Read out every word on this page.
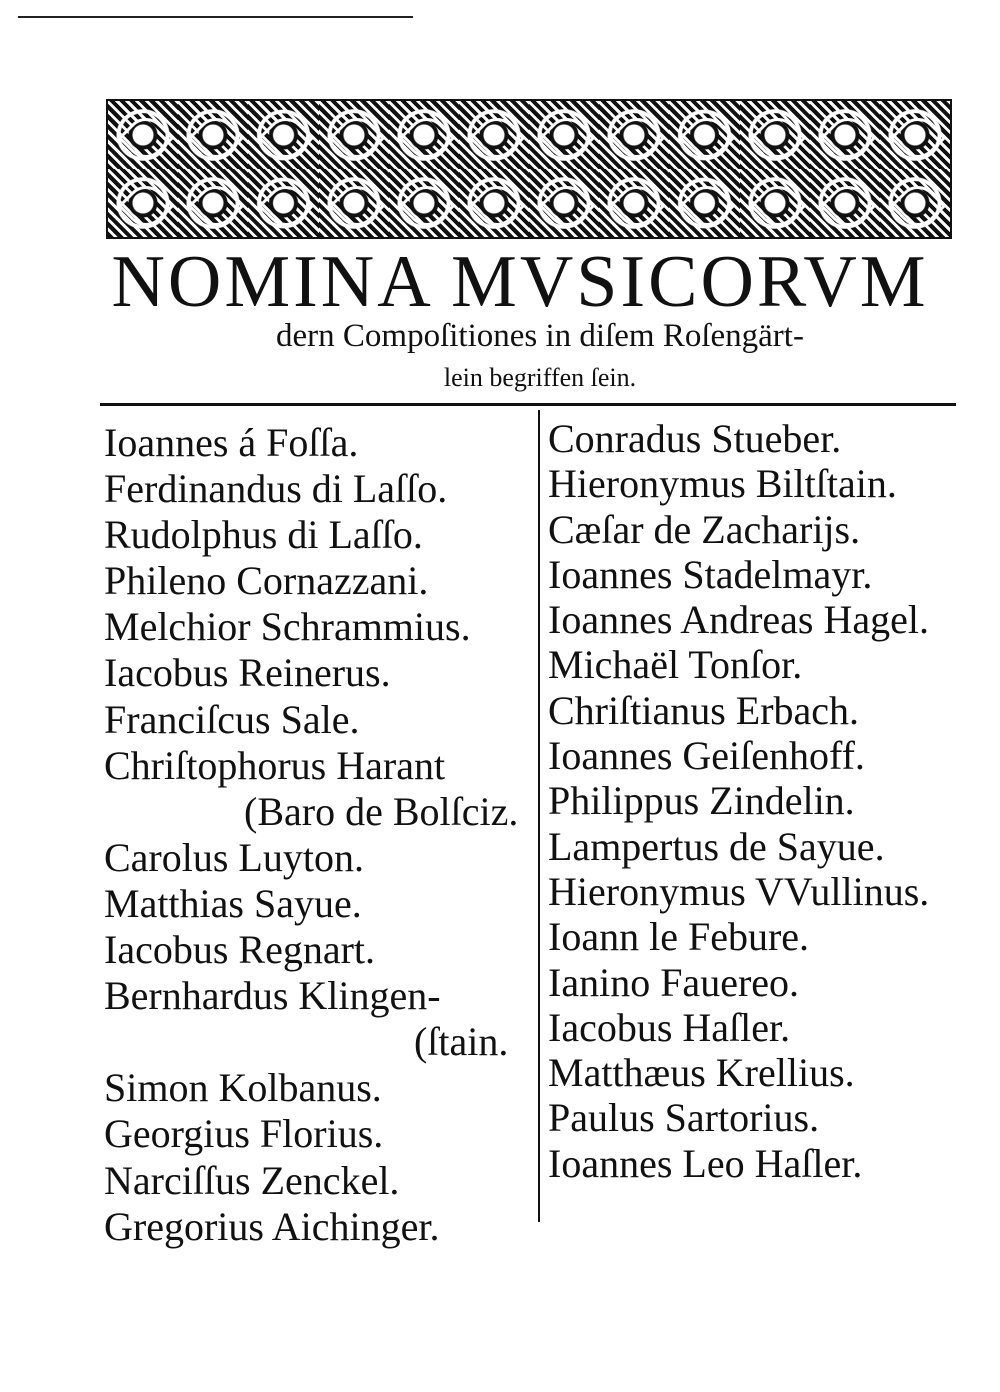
NOMINA MVSICORVM
dern Compoſitiones in diſem Roſengärt-
lein begriffen ſein.
Ioannes á Foſſa.
Ferdinandus di Laſſo.
Rudolphus di Laſſo.
Phileno Cornazzani.
Melchior Schrammius.
Iacobus Reinerus.
Franciſcus Sale.
Chriſtophorus Harant
(Baro de Bolſciz.
Carolus Luyton.
Matthias Sayue.
Iacobus Regnart.
Bernhardus Klingen-
(ſtain.
Simon Kolbanus.
Georgius Florius.
Narciſſus Zenckel.
Gregorius Aichinger.
Conradus Stueber.
Hieronymus Biltſtain.
Cæſar de Zacharijs.
Ioannes Stadelmayr.
Ioannes Andreas Hagel.
Michaël Tonſor.
Chriſtianus Erbach.
Ioannes Geiſenhoff.
Philippus Zindelin.
Lampertus de Sayue.
Hieronymus VVullinus.
Ioann le Febure.
Ianino Fauereo.
Iacobus Haſler.
Matthæus Krellius.
Paulus Sartorius.
Ioannes Leo Haſler.
